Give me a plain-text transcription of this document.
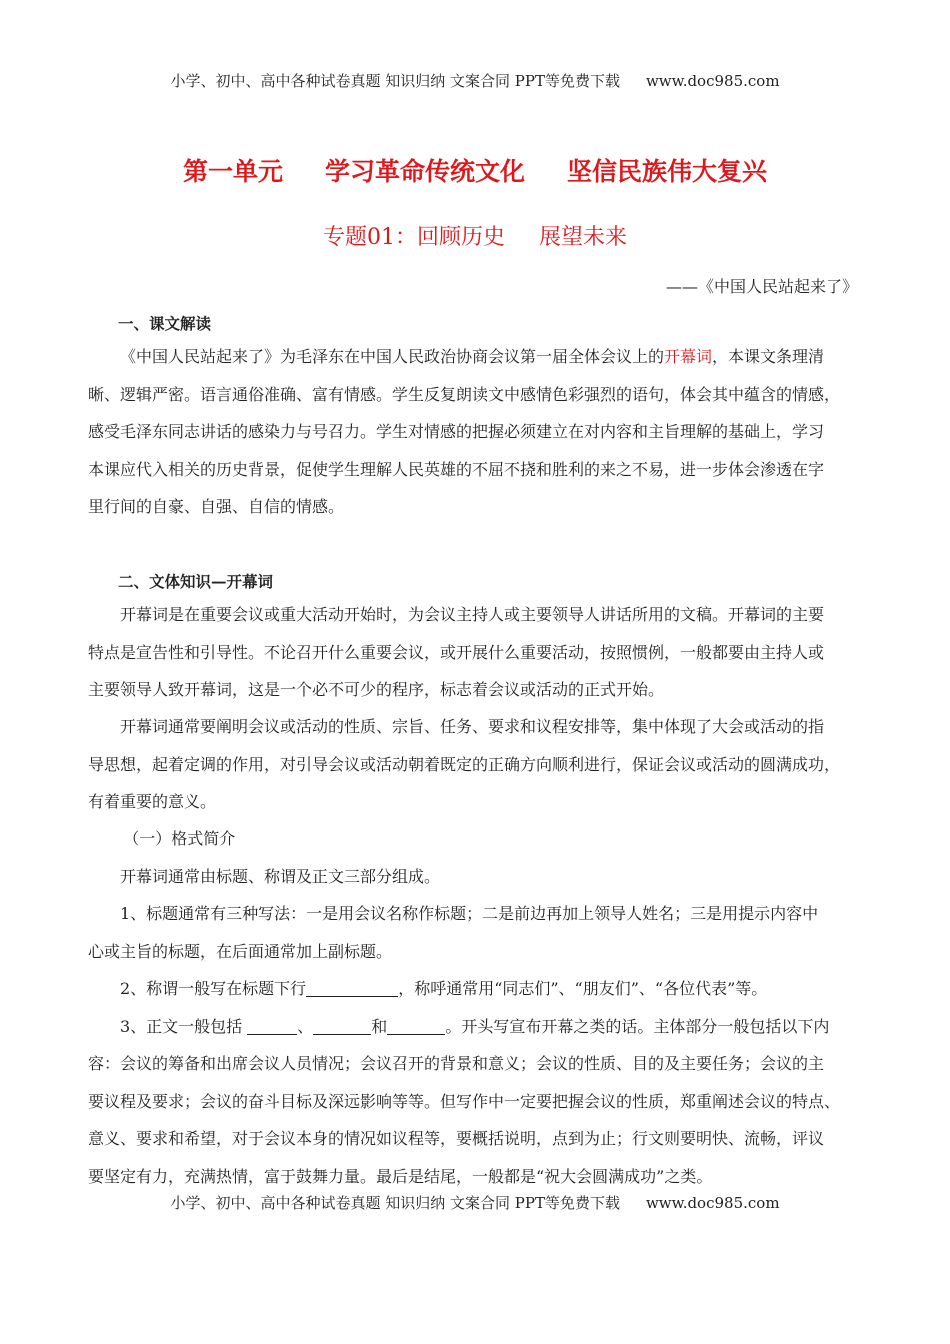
小学、初中、高中各种试卷真题 知识归纳 文案合同 PPT等免费下载 www.doc985.com
第一单元 学习革命传统文化 坚信民族伟大复兴
专题01：回顾历史 展望未来
——《中国人民站起来了》
一、课文解读
《中国人民站起来了》为毛泽东在中国人民政治协商会议第一届全体会议上的开幕词，本课文条理清
晰、逻辑严密。语言通俗准确、富有情感。学生反复朗读文中感情色彩强烈的语句，体会其中蕴含的情感，
感受毛泽东同志讲话的感染力与号召力。学生对情感的把握必须建立在对内容和主旨理解的基础上，学习
本课应代入相关的历史背景，促使学生理解人民英雄的不屈不挠和胜利的来之不易，进一步体会渗透在字
里行间的自豪、自强、自信的情感。
二、文体知识—开幕词
开幕词是在重要会议或重大活动开始时，为会议主持人或主要领导人讲话所用的文稿。开幕词的主要
特点是宣告性和引导性。不论召开什么重要会议，或开展什么重要活动，按照惯例，一般都要由主持人或
主要领导人致开幕词，这是一个必不可少的程序，标志着会议或活动的正式开始。
开幕词通常要阐明会议或活动的性质、宗旨、任务、要求和议程安排等，集中体现了大会或活动的指
导思想，起着定调的作用，对引导会议或活动朝着既定的正确方向顺利进行，保证会议或活动的圆满成功，
有着重要的意义。
（一）格式简介
开幕词通常由标题、称谓及正文三部分组成。
1、标题通常有三种写法：一是用会议名称作标题；二是前边再加上领导人姓名；三是用提示内容中
心或主旨的标题，在后面通常加上副标题。
2、称谓一般写在标题下行	，称呼通常用“同志们”、“朋友们”、“各位代表”等。
3、正文一般包括	、	和	。开头写宣布开幕之类的话。主体部分一般包括以下内
容：会议的筹备和出席会议人员情况；会议召开的背景和意义；会议的性质、目的及主要任务；会议的主
要议程及要求；会议的奋斗目标及深远影响等等。但写作中一定要把握会议的性质，郑重阐述会议的特点、
意义、要求和希望，对于会议本身的情况如议程等，要概括说明，点到为止；行文则要明快、流畅，评议
要坚定有力，充满热情，富于鼓舞力量。最后是结尾，一般都是“祝大会圆满成功”之类。
小学、初中、高中各种试卷真题 知识归纳 文案合同 PPT等免费下载 www.doc985.com
